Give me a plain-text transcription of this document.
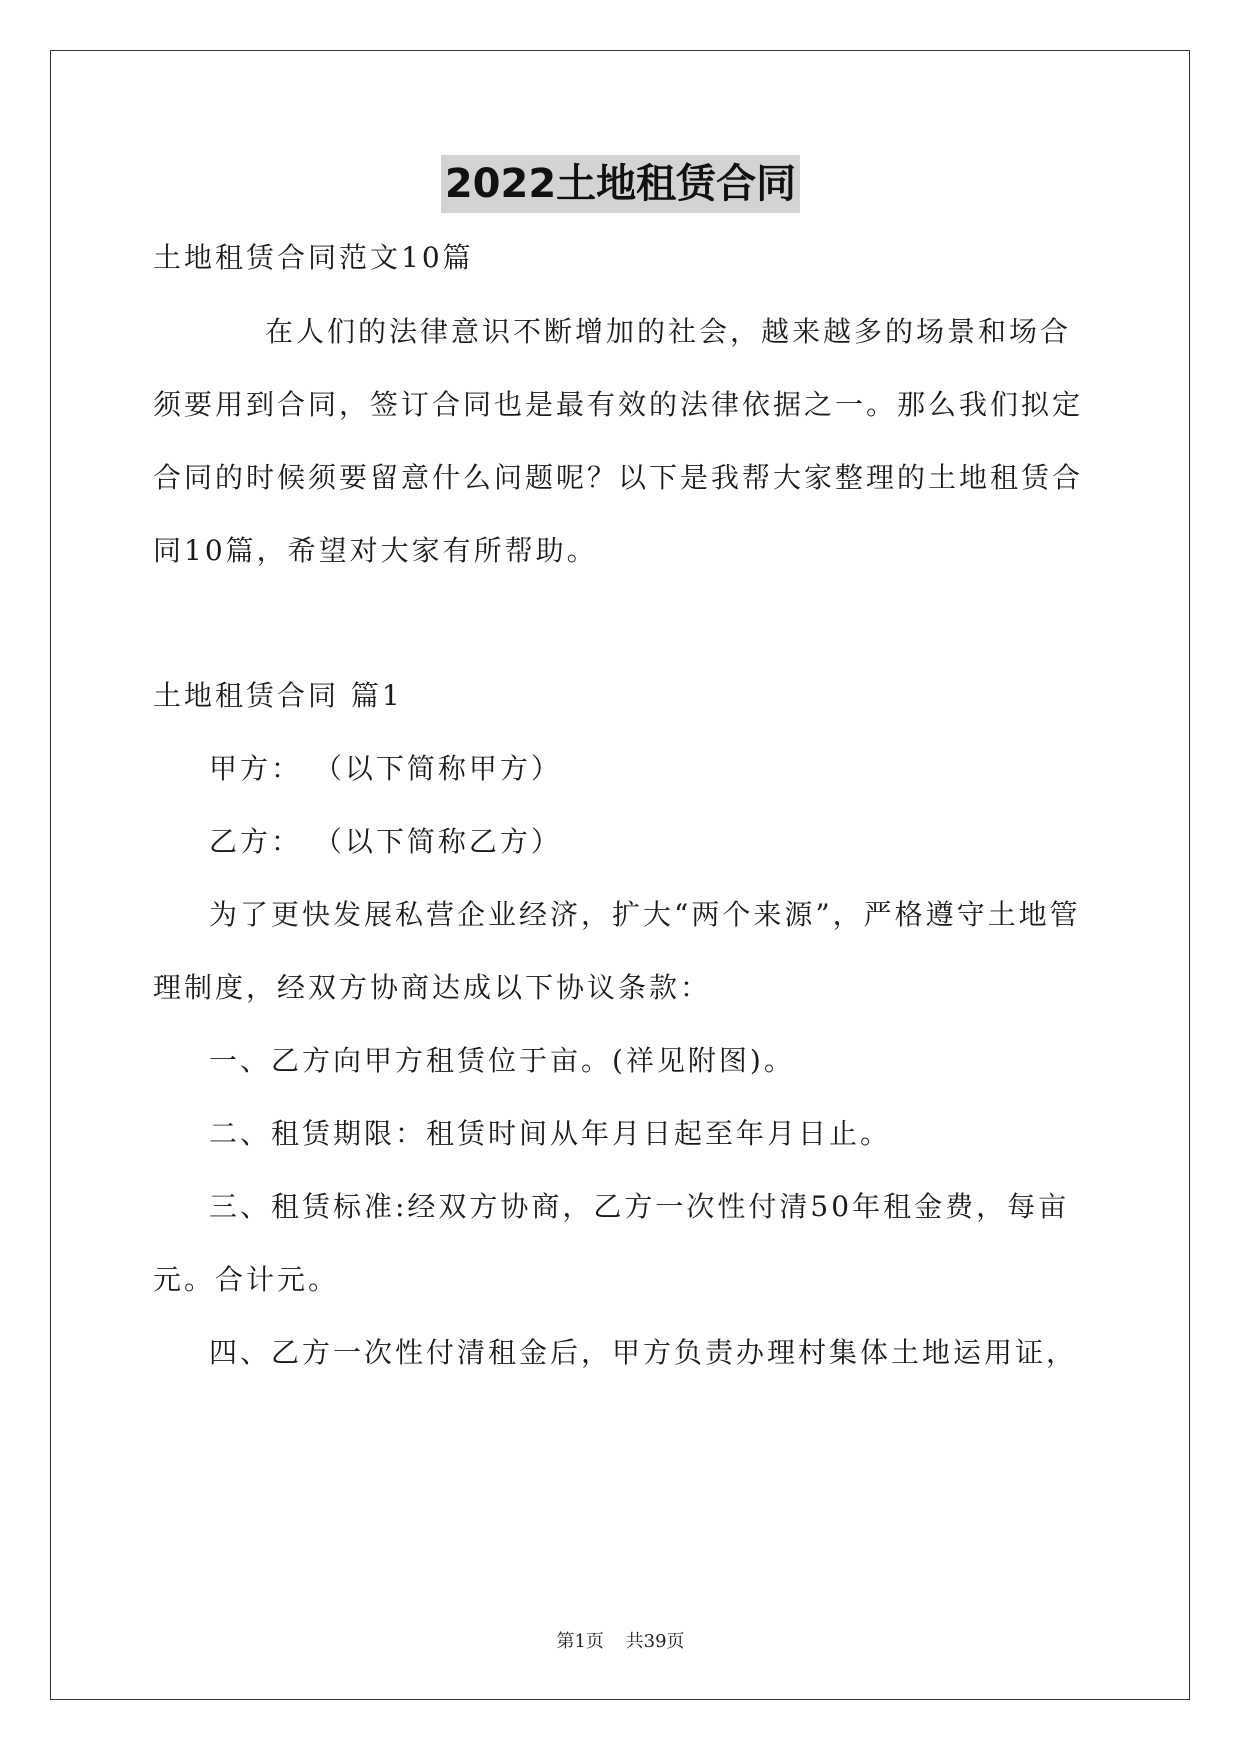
2022土地租赁合同
土地租赁合同范文10篇
在人们的法律意识不断增加的社会，越来越多的场景和场合
须要用到合同，签订合同也是最有效的法律依据之一。那么我们拟定
合同的时候须要留意什么问题呢？以下是我帮大家整理的土地租赁合
同10篇，希望对大家有所帮助。
土地租赁合同 篇1
甲方： （以下简称甲方）
乙方： （以下简称乙方）
为了更快发展私营企业经济，扩大“两个来源”，严格遵守土地管
理制度，经双方协商达成以下协议条款：
一、乙方向甲方租赁位于亩。(祥见附图)。
二、租赁期限：租赁时间从年月日起至年月日止。
三、租赁标准:经双方协商，乙方一次性付清50年租金费，每亩
元。合计元。
四、乙方一次性付清租金后，甲方负责办理村集体土地运用证，
第1页 共39页
